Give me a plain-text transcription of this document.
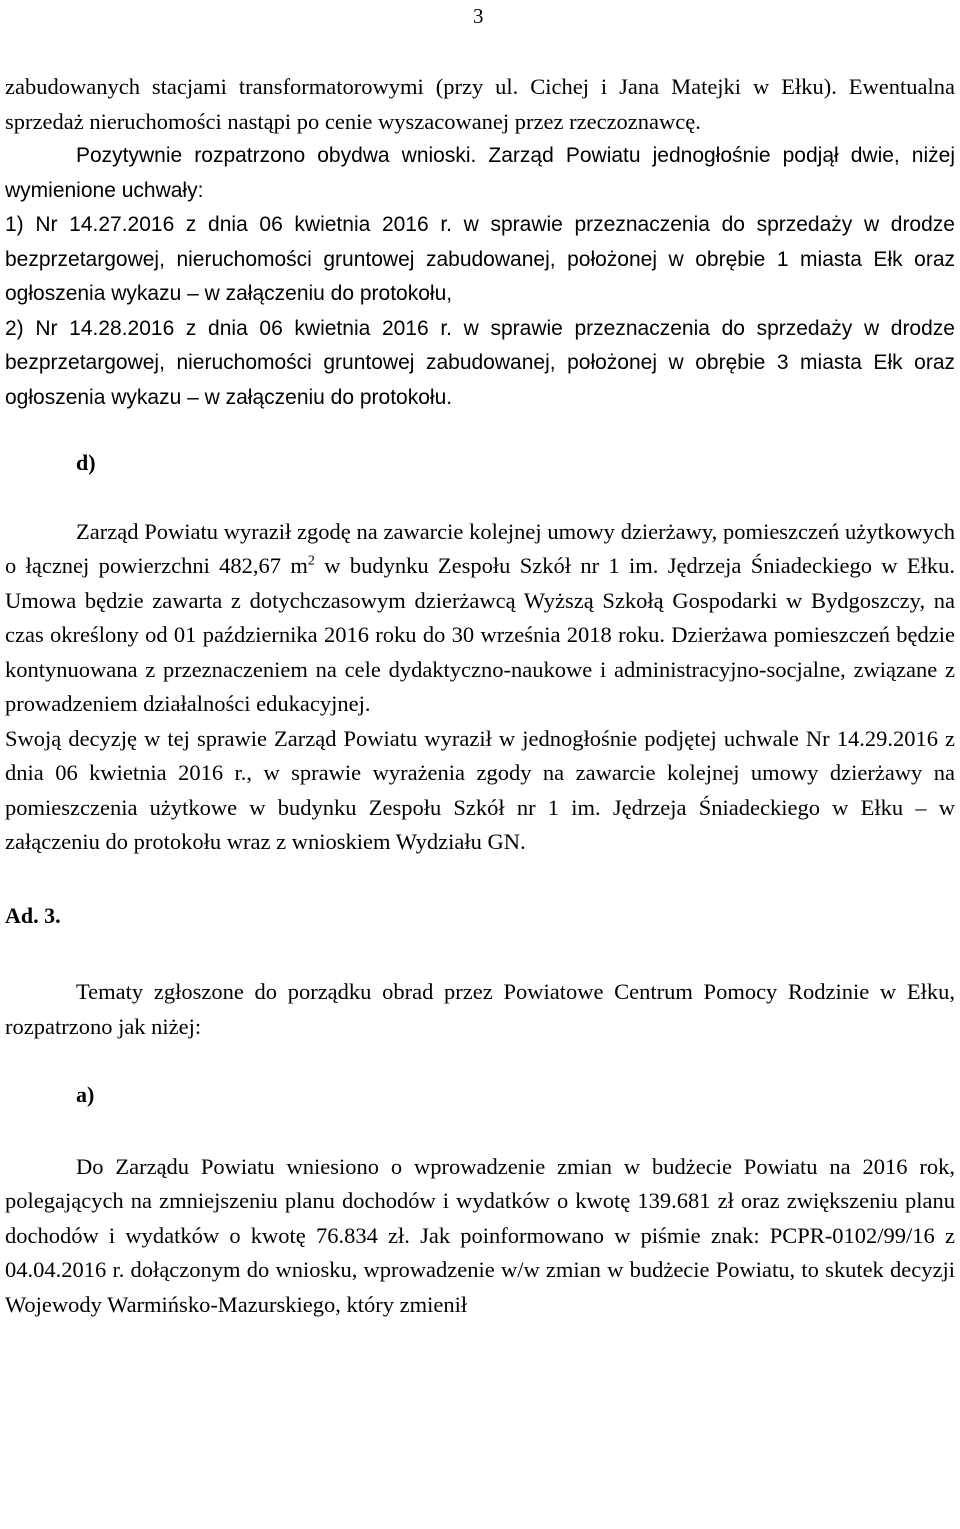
3

zabudowanych stacjami transformatorowymi (przy ul. Cichej i Jana Matejki w Ełku). Ewentualna sprzedaż nieruchomości nastąpi po cenie wyszacowanej przez rzeczoznawcę.

Pozytywnie rozpatrzono obydwa wnioski. Zarząd Powiatu jednogłośnie podjął dwie, niżej wymienione uchwały:

1) Nr 14.27.2016 z dnia 06 kwietnia 2016 r. w sprawie przeznaczenia do sprzedaży w drodze bezprzetargowej, nieruchomości gruntowej zabudowanej, położonej w obrębie 1 miasta Ełk oraz ogłoszenia wykazu – w załączeniu do protokołu,

2) Nr 14.28.2016 z dnia 06 kwietnia 2016 r. w sprawie przeznaczenia do sprzedaży w drodze bezprzetargowej, nieruchomości gruntowej zabudowanej, położonej w obrębie 3 miasta Ełk oraz ogłoszenia wykazu – w załączeniu do protokołu.

d)

Zarząd Powiatu wyraził zgodę na zawarcie kolejnej umowy dzierżawy, pomieszczeń użytkowych o łącznej powierzchni 482,67 $m^2$ w budynku Zespołu Szkół nr 1 im. Jędrzeja Śniadeckiego w Ełku. Umowa będzie zawarta z dotychczasowym dzierżawcą Wyższą Szkołą Gospodarki w Bydgoszczy, na czas określony od 01 października 2016 roku do 30 września 2018 roku. Dzierżawa pomieszczeń będzie kontynuowana z przeznaczeniem na cele dydaktyczno-naukowe i administracyjno-socjalne, związane z prowadzeniem działalności edukacyjnej.

Swoją decyzję w tej sprawie Zarząd Powiatu wyraził w jednogłośnie podjętej uchwale Nr 14.29.2016 z dnia 06 kwietnia 2016 r., w sprawie wyrażenia zgody na zawarcie kolejnej umowy dzierżawy na pomieszczenia użytkowe w budynku Zespołu Szkół nr 1 im. Jędrzeja Śniadeckiego w Ełku – w załączeniu do protokołu wraz z wnioskiem Wydziału GN.

Ad. 3.

Tematy zgłoszone do porządku obrad przez Powiatowe Centrum Pomocy Rodzinie w Ełku, rozpatrzono jak niżej:

a)

Do Zarządu Powiatu wniesiono o wprowadzenie zmian w budżecie Powiatu na 2016 rok, polegających na zmniejszeniu planu dochodów i wydatków o kwotę 139.681 zł oraz zwiększeniu planu dochodów i wydatków o kwotę 76.834 zł. Jak poinformowano w piśmie znak: PCPR-0102/99/16 z 04.04.2016 r. dołączonym do wniosku, wprowadzenie w/w zmian w budżecie Powiatu, to skutek decyzji Wojewody Warmińsko-Mazurskiego, który zmienił
